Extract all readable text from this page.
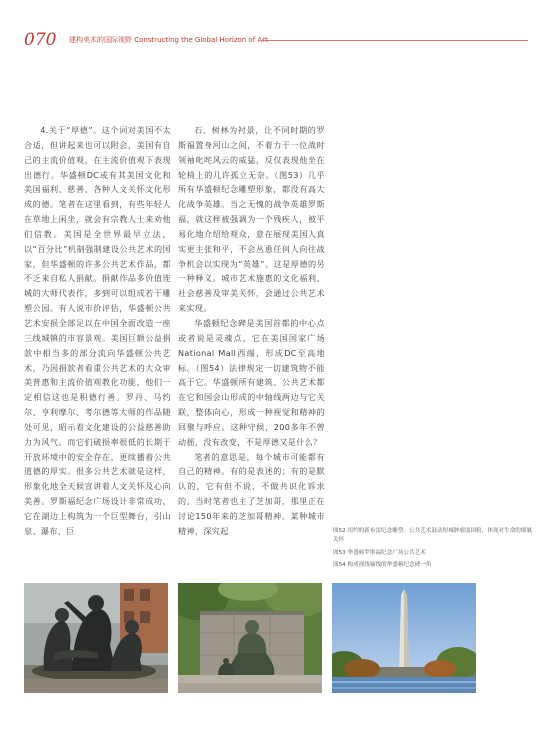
070 建构美术的国际视野 Constructing the Global Horizon of Art

4.关于“厚德”。这个词对美国不太合适，但讲起来也可以附会，美国有自己的主流价值观，在主流价值观下表现出德行。华盛顿DC或有其美国文化和美国福利、慈善、各种人文关怀文化形成的德。笔者在这里看到，有些年轻人在草地上闲坐，就会有宗教人士来劝他们信教。美国是全世界最早立法，以“百分比”机制强制建设公共艺术的国家，但华盛顿的许多公共艺术作品，都不乏来自私人捐献。捐献作品多价值连城的大师代表作，多到可以组成若干雕塑公园。有人说市价评估，华盛顿公共艺术安损全部足以在中国全面改造一座三线城镇的市容景观。美国巨额公益捐款中相当多的部分流向华盛顿公共艺术，乃因捐款者看重公共艺术的大众审美普惠和主流价值观教化功能，他们一定相信这也是积德行善。罗丹、马约尔、亨利摩尔、考尔德等大师的作品随处可见，昭示着文化建设的公益慈善助力为风气。而它们破损率很低的长期于开放环境中的安全存在，更续播着公共道德的厚实。很多公共艺术就是这样，形象化地全天候宣讲着人文关怀及心向美善。罗斯福纪念广场设计非常成功，它在湖边上构筑为一个巨型舞台，引山泉、瀑布、巨

石、树林为衬景，让不同时期的罗斯福置身河山之间，不着力于一位战时领袖叱咤风云的威猛，反仅表现他坐在轮椅上的几许孤立无奈。（图53）几乎所有华盛顿纪念雕塑形象，都没有高大化战争英雄。当之无愧的战争英雄罗斯福，就这样被强调为一个残疾人，被平易化地介绍给观众，意在展现美国人真实更主张和平，不会丛恿任何人向往战争机会以实现为“英雄”。这是厚德的另一种释义。城市艺术施惠的文化福利、社会慈善及审美关怀，会通过公共艺术来实现。

华盛顿纪念碑是美国首都的中心点或者说是灵魂点，它在美国国家广场National Mall西端，形成DC至高地标。（图54）法律规定一切建筑物不能高于它。华盛顿所有建筑、公共艺术都在它和国会山形成的中轴线两边与它关联，整体向心，形成一种视觉和精神的回聚与呼应。这种守候，200多年不曾动摇，没有改变，不是厚德又是什么？

笔者的意思是，每个城市可能都有自己的精神。有的是表述的；有的是默认的，它有但不说，不做共识化诉求的。当时笔者也主了芝加哥，那里正在讨论150年来的芝加哥精神。某种城市精神，深究起	图52 纽约的新布雷纪念雕塑。公共艺术鼓动短城肿瘤弱国粉，体现对生命的细腻关怀

图53 华盛顿罗斯福纪念广场公共艺术

图54 构成视线轴线的华盛顿纪念碑一角
